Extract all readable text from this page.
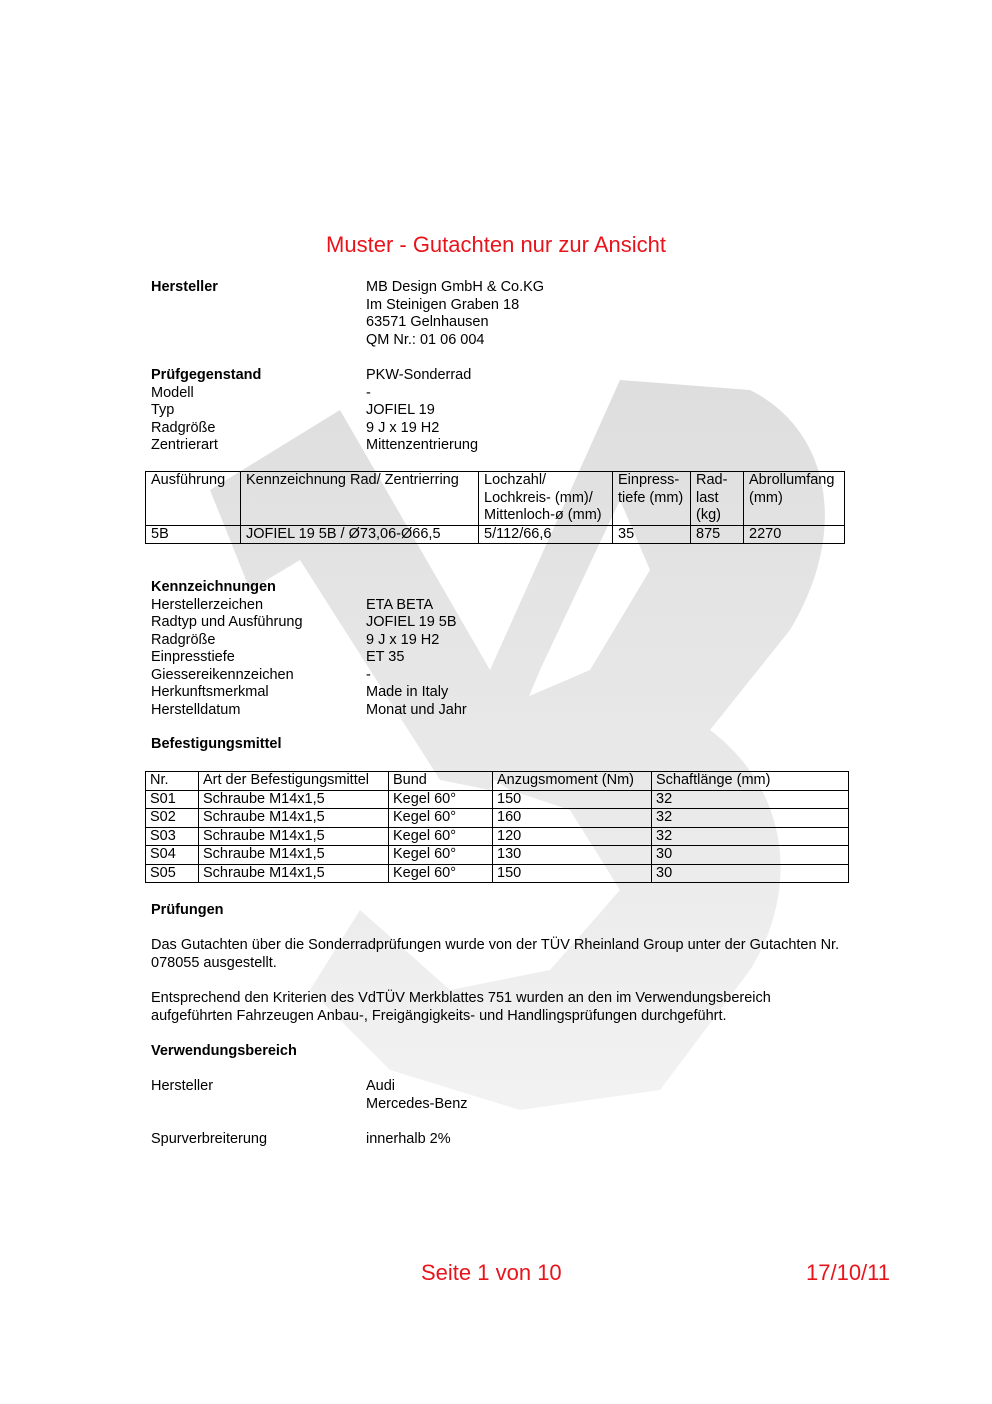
Muster - Gutachten nur zur Ansicht
Hersteller	MB Design GmbH & Co.KG
Im Steinigen Graben 18
63571 Gelnhausen
QM Nr.: 01 06 004
Prüfgegenstand	PKW-Sonderrad
Modell	-
Typ	JOFIEL 19
Radgröße	9 J x 19 H2
Zentrierart	Mittenzentrierung
Ausführung	Kennzeichnung Rad/ Zentrierring	Lochzahl/ Lochkreis- (mm)/ Mittenloch-ø (mm)	Einpress- tiefe (mm)	Rad- last (kg)	Abrollumfang (mm)
5B	JOFIEL 19 5B / Ø73,06-Ø66,5	5/112/66,6	35	875	2270
Kennzeichnungen
Herstellerzeichen	ETA BETA
Radtyp und Ausführung	JOFIEL 19 5B
Radgröße	9 J x 19 H2
Einpresstiefe	ET 35
Giessereikennzeichen	-
Herkunftsmerkmal	Made in Italy
Herstelldatum	Monat und Jahr
Befestigungsmittel
Nr.	Art der Befestigungsmittel	Bund	Anzugsmoment (Nm)	Schaftlänge (mm)
S01	Schraube M14x1,5	Kegel 60°	150	32
S02	Schraube M14x1,5	Kegel 60°	160	32
S03	Schraube M14x1,5	Kegel 60°	120	32
S04	Schraube M14x1,5	Kegel 60°	130	30
S05	Schraube M14x1,5	Kegel 60°	150	30
Prüfungen
Das Gutachten über die Sonderradprüfungen wurde von der TÜV Rheinland Group unter der Gutachten Nr. 078055 ausgestellt.
Entsprechend den Kriterien des VdTÜV Merkblattes 751 wurden an den im Verwendungsbereich aufgeführten Fahrzeugen Anbau-, Freigängigkeits- und Handlingsprüfungen durchgeführt.
Verwendungsbereich
Hersteller	Audi
Mercedes-Benz
Spurverbreiterung	innerhalb 2%
Seite 1 von 10	17/10/11
